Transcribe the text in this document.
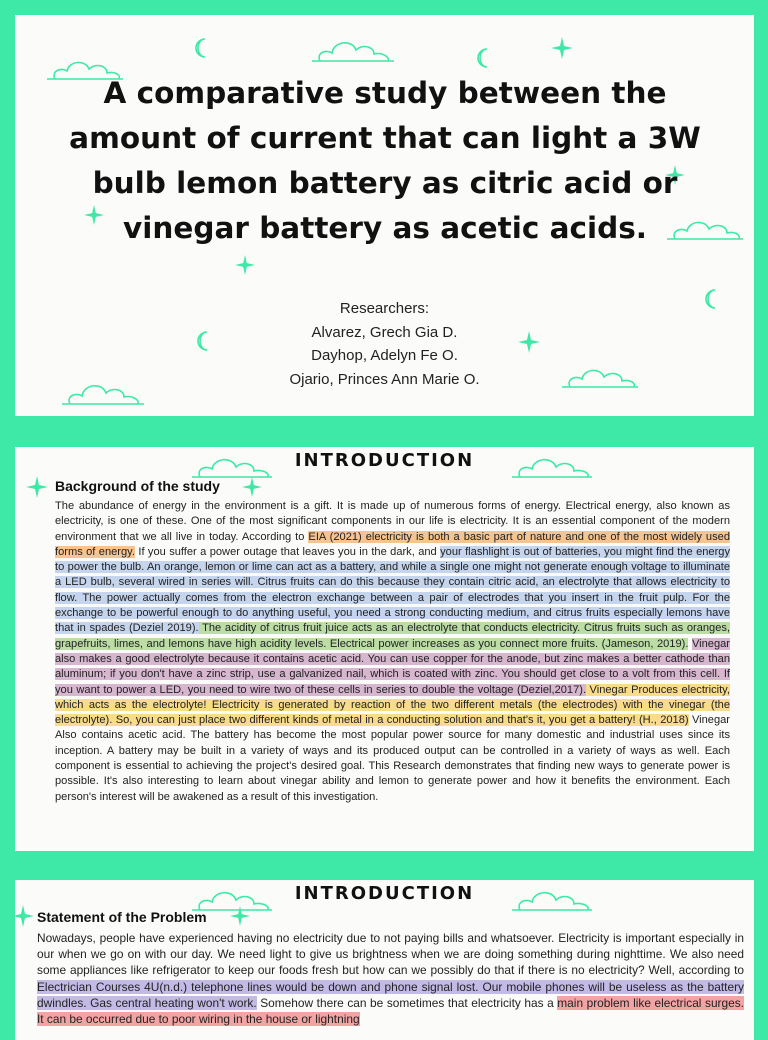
A comparative study between the amount of current that can light a 3W bulb lemon battery as citric acid or vinegar battery as acetic acids.
Researchers:
Alvarez, Grech Gia D.
Dayhop, Adelyn Fe O.
Ojario, Princes Ann Marie O.
INTRODUCTION
Background of the study

The abundance of energy in the environment is a gift. It is made up of numerous forms of energy. Electrical energy, also known as electricity, is one of these. One of the most significant components in our life is electricity. It is an essential component of the modern environment that we all live in today. According to EIA (2021) electricity is both a basic part of nature and one of the most widely used forms of energy. If you suffer a power outage that leaves you in the dark, and your flashlight is out of batteries, you might find the energy to power the bulb. An orange, lemon or lime can act as a battery, and while a single one might not generate enough voltage to illuminate a LED bulb, several wired in series will. Citrus fruits can do this because they contain citric acid, an electrolyte that allows electricity to flow. The power actually comes from the electron exchange between a pair of electrodes that you insert in the fruit pulp. For the exchange to be powerful enough to do anything useful, you need a strong conducting medium, and citrus fruits especially lemons have that in spades (Deziel 2019). The acidity of citrus fruit juice acts as an electrolyte that conducts electricity. Citrus fruits such as oranges, grapefruits, limes, and lemons have high acidity levels. Electrical power increases as you connect more fruits. (Jameson, 2019). Vinegar also makes a good electrolyte because it contains acetic acid. You can use copper for the anode, but zinc makes a better cathode than aluminum; if you don't have a zinc strip, use a galvanized nail, which is coated with zinc. You should get close to a volt from this cell. If you want to power a LED, you need to wire two of these cells in series to double the voltage (Deziel,2017). Vinegar Produces electricity, which acts as the electrolyte! Electricity is generated by reaction of the two different metals (the electrodes) with the vinegar (the electrolyte). So, you can just place two different kinds of metal in a conducting solution and that's it, you get a battery! (H., 2018) Vinegar Also contains acetic acid. The battery has become the most popular power source for many domestic and industrial uses since its inception. A battery may be built in a variety of ways and its produced output can be controlled in a variety of ways as well. Each component is essential to achieving the project's desired goal. This Research demonstrates that finding new ways to generate power is possible. It's also interesting to learn about vinegar ability and lemon to generate power and how it benefits the environment. Each person's interest will be awakened as a result of this investigation.

INTRODUCTION
Statement of the Problem

Nowadays, people have experienced having no electricity due to not paying bills and whatsoever. Electricity is important especially in our when we go on with our day. We need light to give us brightness when we are doing something during nighttime. We also need some appliances like refrigerator to keep our foods fresh but how can we possibly do that if there is no electricity? Well, according to Electrician Courses 4U(n.d.) telephone lines would be down and phone signal lost. Our mobile phones will be useless as the battery dwindles. Gas central heating won't work. Somehow there can be sometimes that electricity has a main problem like electrical surges. It can be occurred due to poor wiring in the house or lightning
